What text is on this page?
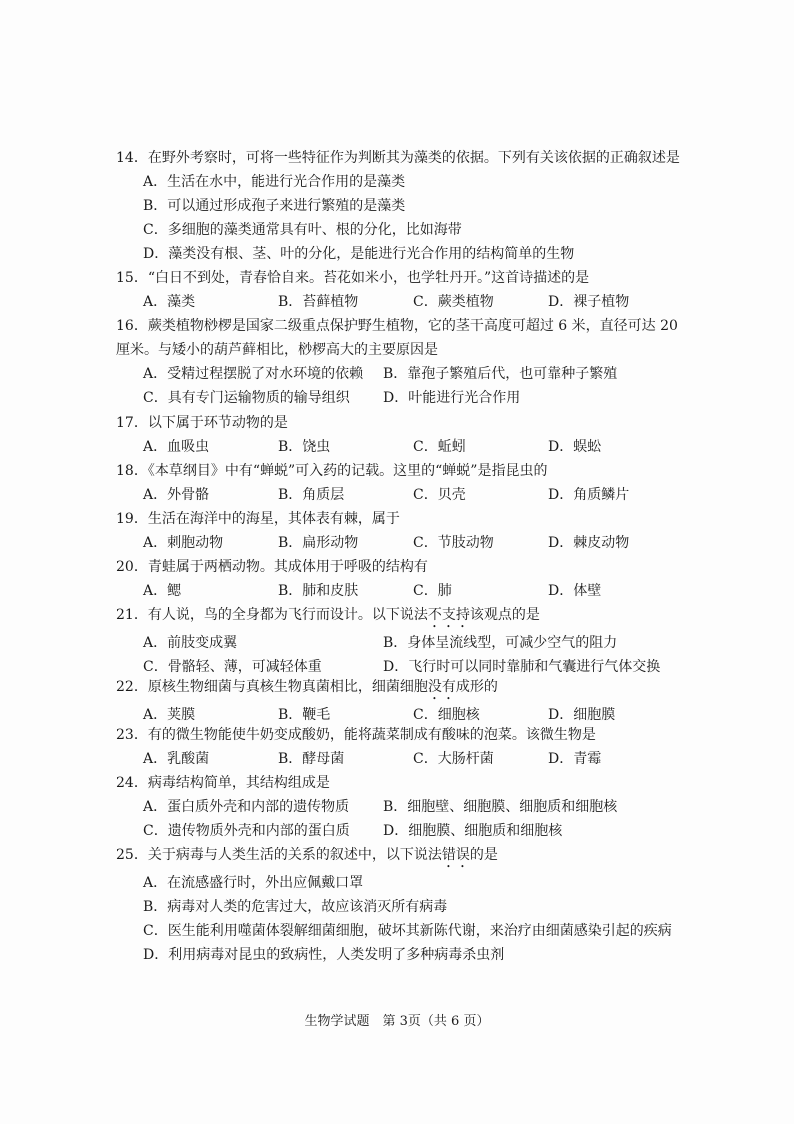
14．在野外考察时，可将一些特征作为判断其为藻类的依据。下列有关该依据的正确叙述是
A．生活在水中，能进行光合作用的是藻类
B．可以通过形成孢子来进行繁殖的是藻类
C．多细胞的藻类通常具有叶、根的分化，比如海带
D．藻类没有根、茎、叶的分化，是能进行光合作用的结构简单的生物
15．“白日不到处，青春恰自来。苔花如米小，也学牡丹开。”这首诗描述的是
A．藻类	B．苔藓植物	C．蕨类植物	D．裸子植物
16．蕨类植物桫椤是国家二级重点保护野生植物，它的茎干高度可超过 6 米，直径可达 20 厘米。与矮小的葫芦藓相比，桫椤高大的主要原因是
A．受精过程摆脱了对水环境的依赖	B．靠孢子繁殖后代，也可靠种子繁殖
C．具有专门运输物质的输导组织	D．叶能进行光合作用
17．以下属于环节动物的是
A．血吸虫	B．饶虫	C．蚯蚓	D．蜈蚣
18．《本草纲目》中有“蝉蜕”可入药的记载。这里的“蝉蜕”是指昆虫的
A．外骨骼	B．角质层	C．贝壳	D．角质鳞片
19．生活在海洋中的海星，其体表有棘，属于
A．刺胞动物	B．扁形动物	C．节肢动物	D．棘皮动物
20．青蛙属于两栖动物。其成体用于呼吸的结构有
A．鳃	B．肺和皮肤	C．肺	D．体壁
21．有人说，鸟的全身都为飞行而设计。以下说法不支持该观点的是
A．前肢变成翼	B．身体呈流线型，可减少空气的阻力
C．骨骼轻、薄，可减轻体重	D．飞行时可以同时靠肺和气囊进行气体交换
22．原核生物细菌与真核生物真菌相比，细菌细胞没有成形的
A．荚膜	B．鞭毛	C．细胞核	D．细胞膜
23．有的微生物能使牛奶变成酸奶，能将蔬菜制成有酸味的泡菜。该微生物是
A．乳酸菌	B．酵母菌	C．大肠杆菌	D．青霉
24．病毒结构简单，其结构组成是
A．蛋白质外壳和内部的遗传物质	B．细胞壁、细胞膜、细胞质和细胞核
C．遗传物质外壳和内部的蛋白质	D．细胞膜、细胞质和细胞核
25．关于病毒与人类生活的关系的叙述中，以下说法错误的是
A．在流感盛行时，外出应佩戴口罩
B．病毒对人类的危害过大，故应该消灭所有病毒
C．医生能利用噬菌体裂解细菌细胞，破坏其新陈代谢，来治疗由细菌感染引起的疾病
D．利用病毒对昆虫的致病性，人类发明了多种病毒杀虫剂
生物学试题　第 3页（共 6 页）
